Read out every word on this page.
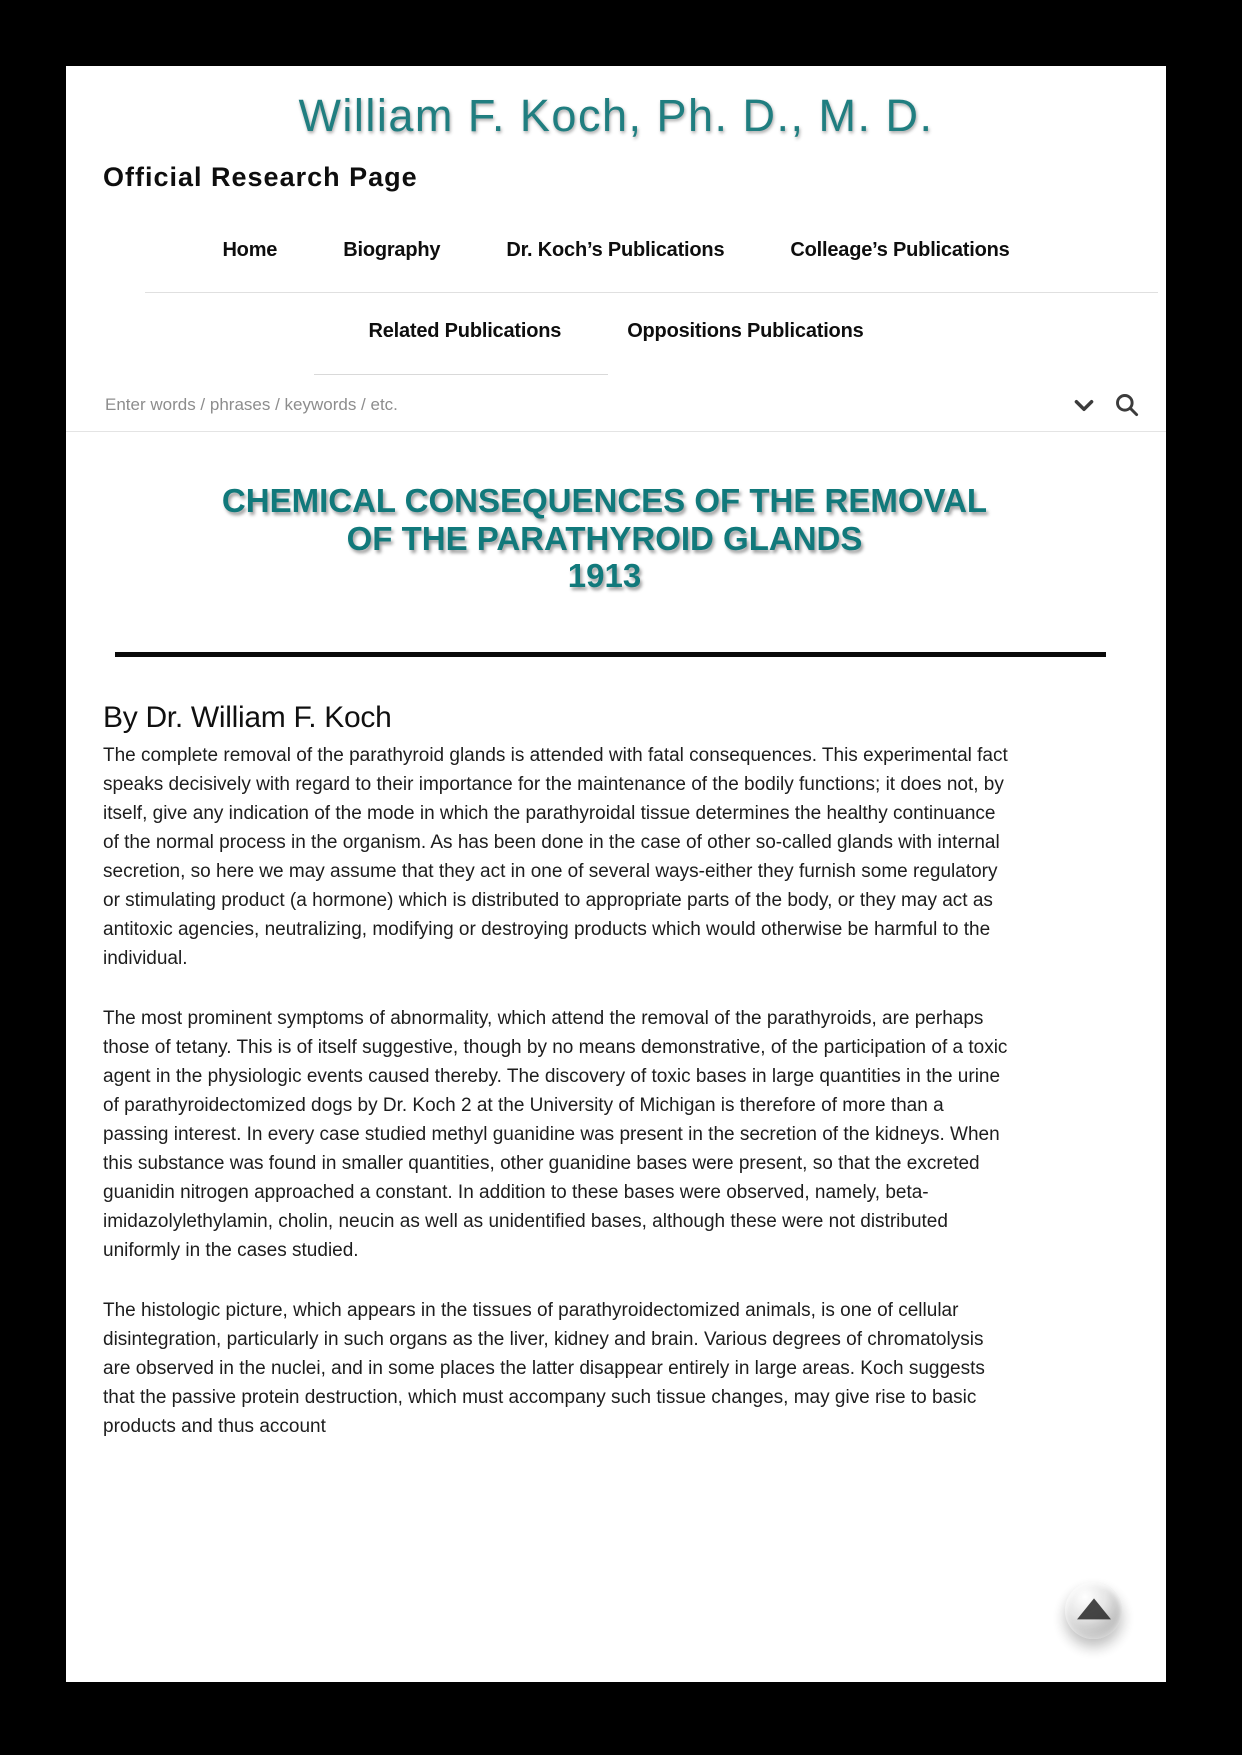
William F. Koch, Ph. D., M. D.
Official Research Page
Home	Biography	Dr. Koch’s Publications	Colleage’s Publications
Related Publications	Oppositions Publications
Enter words / phrases / keywords / etc.
CHEMICAL CONSEQUENCES OF THE REMOVAL OF THE PARATHYROID GLANDS
1913
By Dr. William F. Koch

The complete removal of the parathyroid glands is attended with fatal consequences. This experimental fact speaks decisively with regard to their importance for the maintenance of the bodily functions; it does not, by itself, give any indication of the mode in which the parathyroidal tissue determines the healthy continuance of the normal process in the organism. As has been done in the case of other so-called glands with internal secretion, so here we may assume that they act in one of several ways-either they furnish some regulatory or stimulating product (a hormone) which is distributed to appropriate parts of the body, or they may act as antitoxic agencies, neutralizing, modifying or destroying products which would otherwise be harmful to the individual.

The most prominent symptoms of abnormality, which attend the removal of the parathyroids, are perhaps those of tetany. This is of itself suggestive, though by no means demonstrative, of the participation of a toxic agent in the physiologic events caused thereby. The discovery of toxic bases in large quantities in the urine of parathyroidectomized dogs by Dr. Koch 2 at the University of Michigan is therefore of more than a passing interest. In every case studied methyl guanidine was present in the secretion of the kidneys. When this substance was found in smaller quantities, other guanidine bases were present, so that the excreted guanidin nitrogen approached a constant. In addition to these bases were observed, namely, beta-imidazolylethylamin, cholin, neucin as well as unidentified bases, although these were not distributed uniformly in the cases studied.

The histologic picture, which appears in the tissues of parathyroidectomized animals, is one of cellular disintegration, particularly in such organs as the liver, kidney and brain. Various degrees of chromatolysis are observed in the nuclei, and in some places the latter disappear entirely in large areas. Koch suggests that the passive protein destruction, which must accompany such tissue changes, may give rise to basic products and thus account
